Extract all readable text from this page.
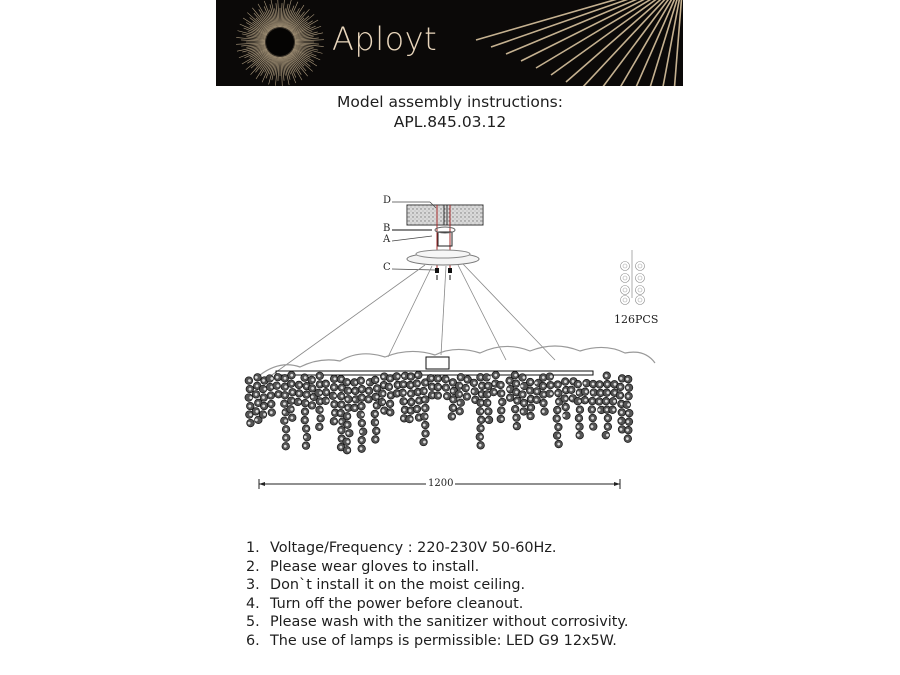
Aployt
Model assembly instructions:
APL.845.03.12
D
B
A
C
126PCS
1200
1. Voltage/Frequency : 220-230V 50-60Hz.
2. Please wear gloves to install.
3. Don`t install it on the moist ceiling.
4. Turn off the power before cleanout.
5. Please wash with the sanitizer without corrosivity.
6. The use of lamps is permissible: LED G9 12x5W.
